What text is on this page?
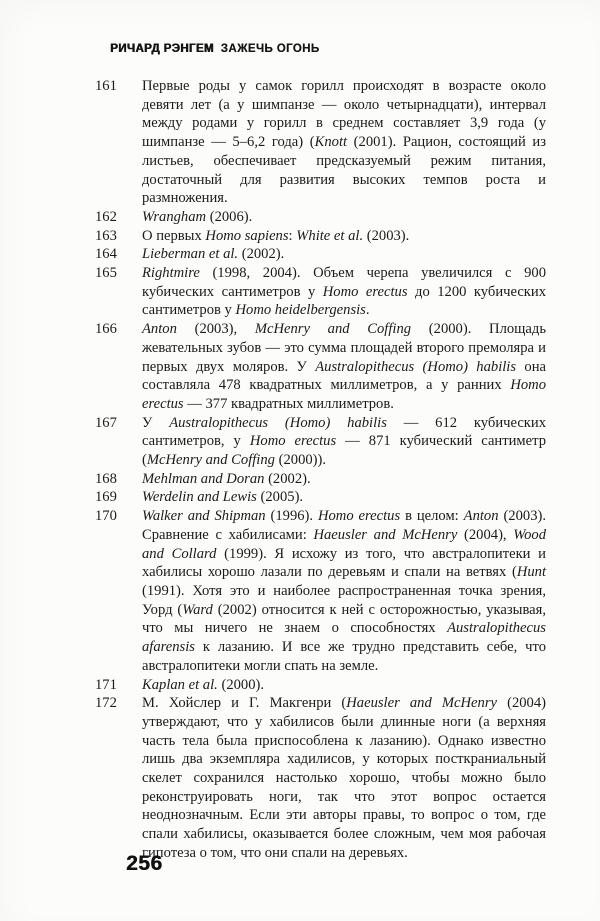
РИЧАРД РЭНГЕМ ЗАЖЕЧЬ ОГОНЬ
161	Первые роды у самок горилл происходят в возрасте около девяти лет (а у шимпанзе — около четырнадцати), интервал между родами у горилл в среднем составляет 3,9 года (у шимпанзе — 5–6,2 года) (Knott (2001). Рацион, состоящий из листьев, обеспечивает предсказуемый режим питания, достаточный для развития высоких темпов роста и размножения.
162	Wrangham (2006).
163	О первых Homo sapiens: White et al. (2003).
164	Lieberman et al. (2002).
165	Rightmire (1998, 2004). Объем черепа увеличился с 900 кубических сантиметров у Homo erectus до 1200 кубических сантиметров у Homo heidelbergensis.
166	Anton (2003), McHenry and Coffing (2000). Площадь жевательных зубов — это сумма площадей второго премоляра и первых двух моляров. У Australopithecus (Homo) habilis она составляла 478 квадратных миллиметров, а у ранних Homo erectus — 377 квадратных миллиметров.
167	У Australopithecus (Homo) habilis — 612 кубических сантиметров, у Homo erectus — 871 кубический сантиметр (McHenry and Coffing (2000)).
168	Mehlman and Doran (2002).
169	Werdelin and Lewis (2005).
170	Walker and Shipman (1996). Homo erectus в целом: Anton (2003). Сравнение с хабилисами: Haeusler and McHenry (2004), Wood and Collard (1999). Я исхожу из того, что австралопитеки и хабилисы хорошо лазали по деревьям и спали на ветвях (Hunt (1991). Хотя это и наиболее распространенная точка зрения, Уорд (Ward (2002) относится к ней с осторожностью, указывая, что мы ничего не знаем о способностях Australopithecus afarensis к лазанию. И все же трудно представить себе, что австралопитеки могли спать на земле.
171	Kaplan et al. (2000).
172	М. Хойслер и Г. Макгенри (Haeusler and McHenry (2004) утверждают, что у хабилисов были длинные ноги (а верхняя часть тела была приспособлена к лазанию). Однако известно лишь два экземпляра хадилисов, у которых посткраниальный скелет сохранился настолько хорошо, чтобы можно было реконструировать ноги, так что этот вопрос остается неоднозначным. Если эти авторы правы, то вопрос о том, где спали хабилисы, оказывается более сложным, чем моя рабочая гипотеза о том, что они спали на деревьях.
256
